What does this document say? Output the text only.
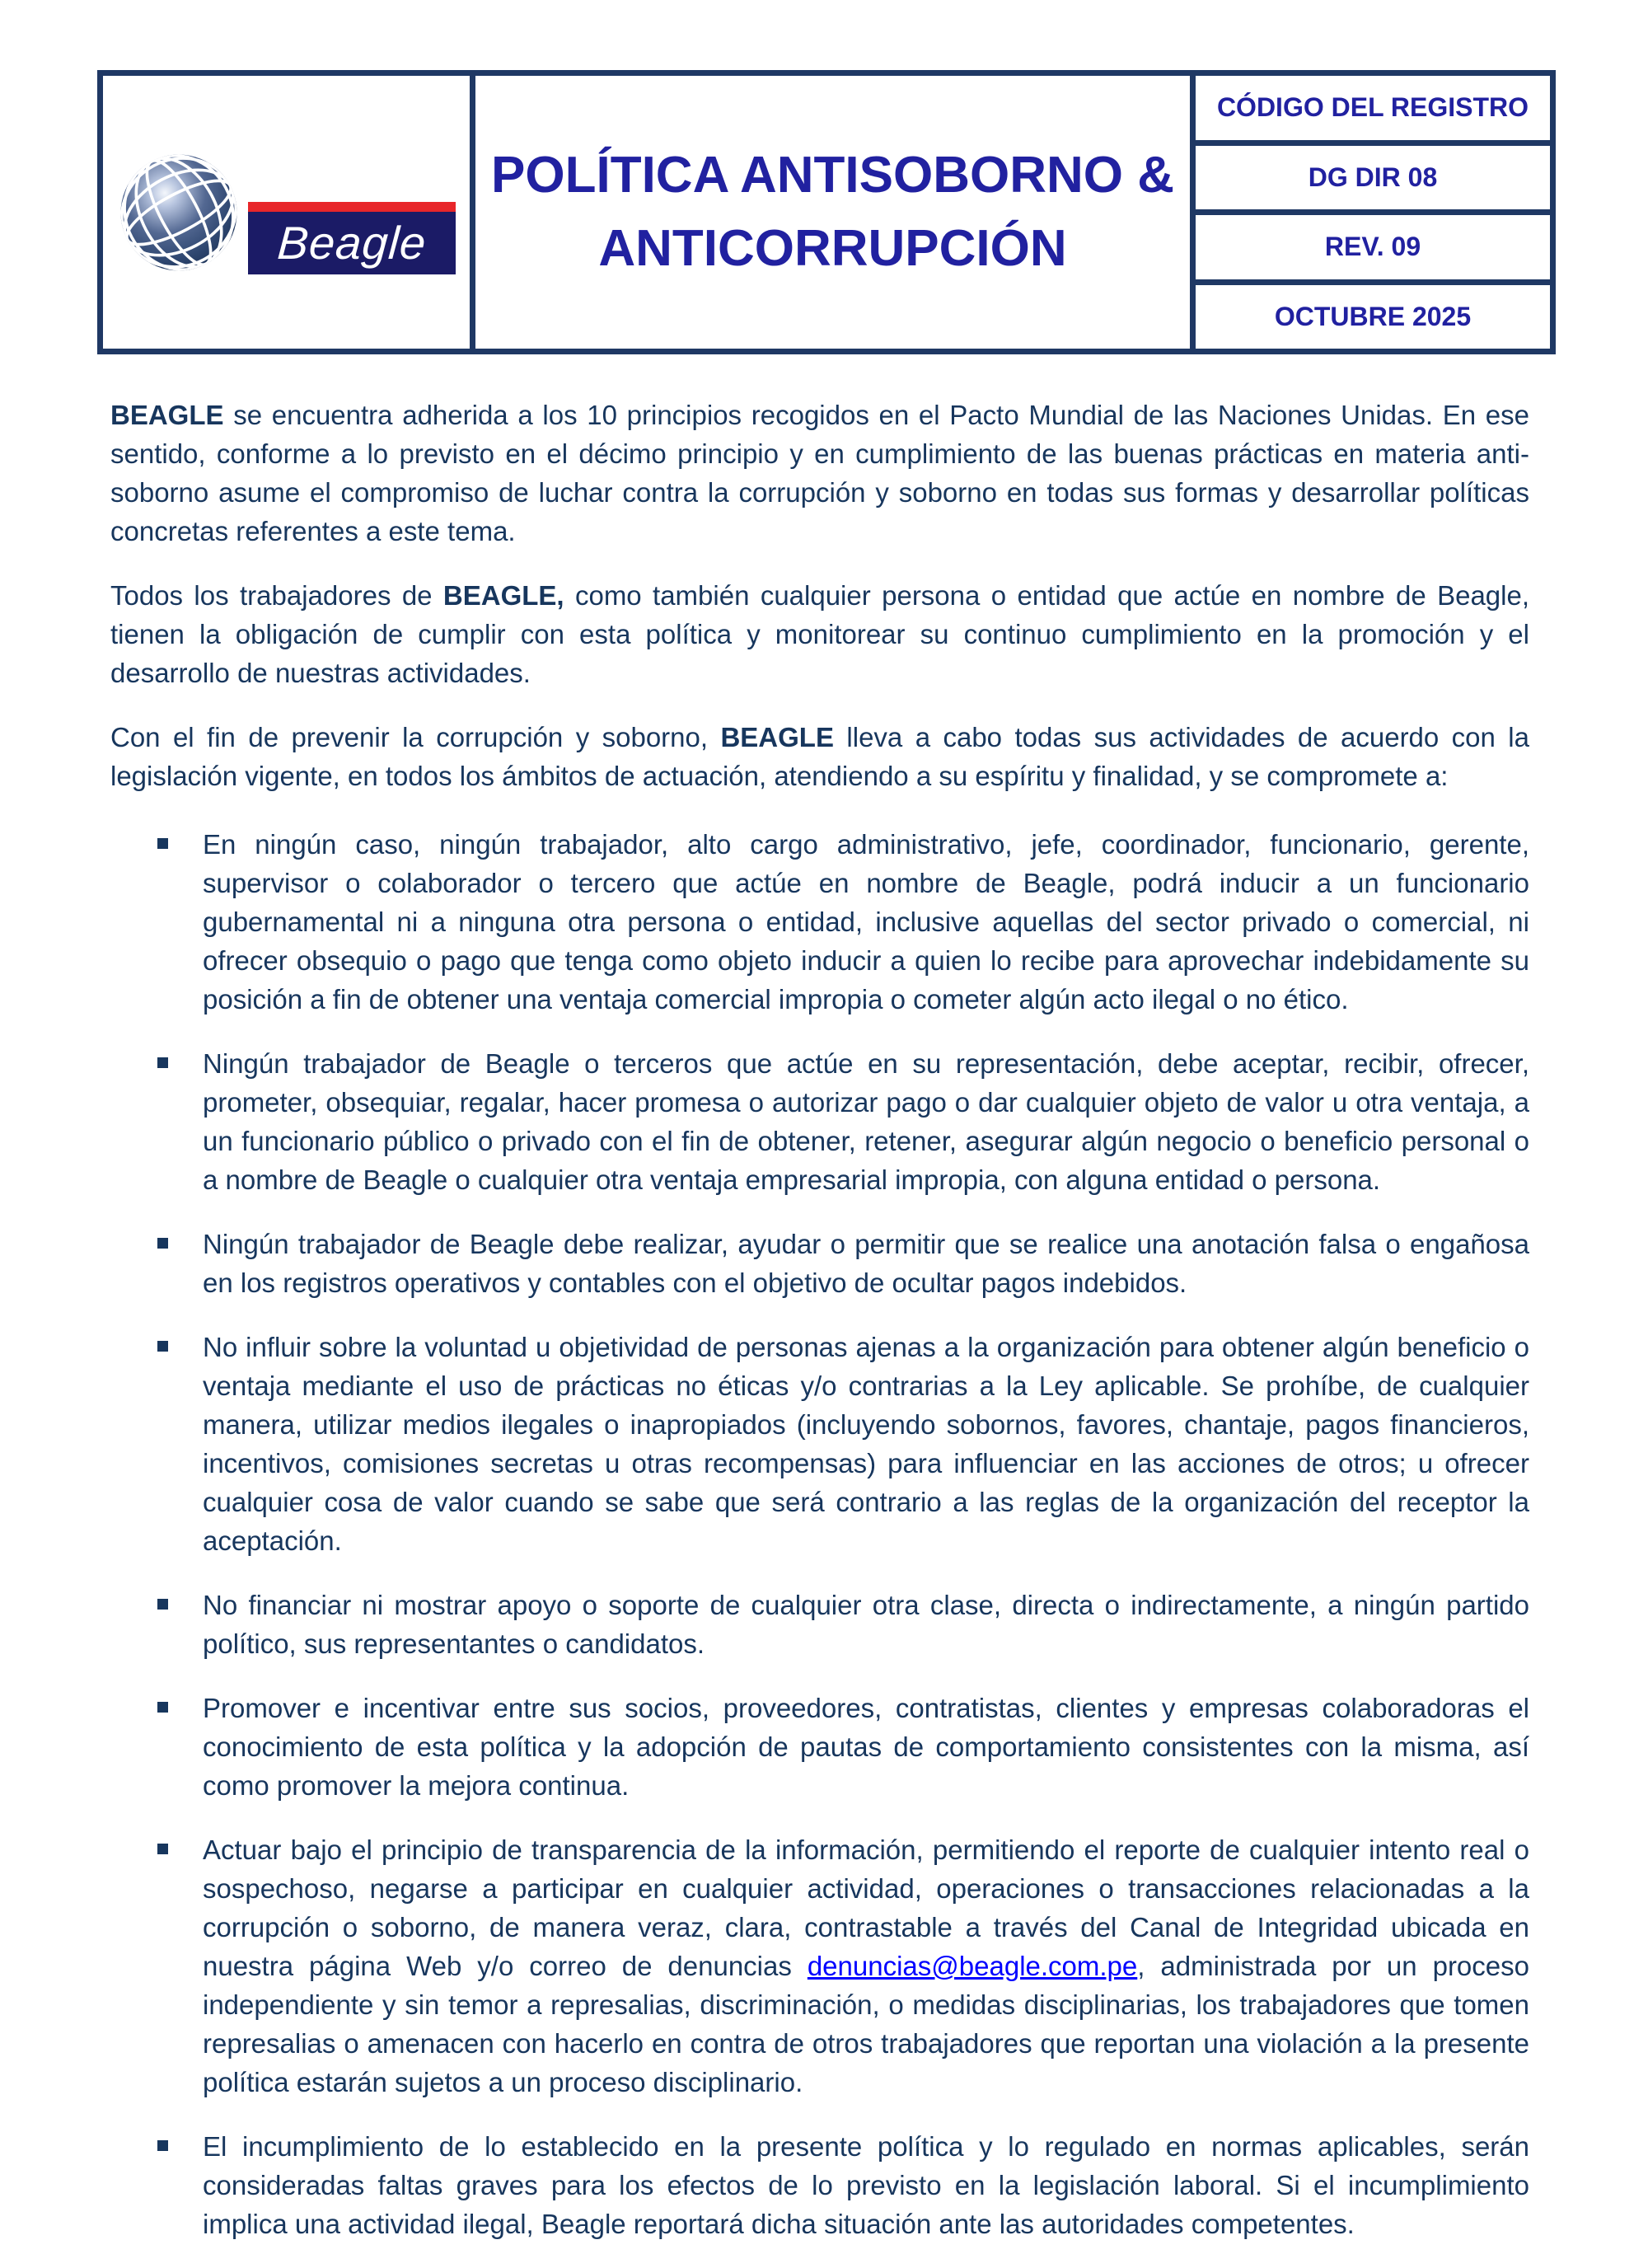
Beagle
POLÍTICA ANTISOBORNO &
ANTICORRUPCIÓN
CÓDIGO DEL REGISTRO
DG DIR 08
REV. 09
OCTUBRE 2025

BEAGLE se encuentra adherida a los 10 principios recogidos en el Pacto Mundial de las Naciones Unidas. En ese sentido, conforme a lo previsto en el décimo principio y en cumplimiento de las buenas prácticas en materia anti-soborno asume el compromiso de luchar contra la corrupción y soborno en todas sus formas y desarrollar políticas concretas referentes a este tema.

Todos los trabajadores de BEAGLE, como también cualquier persona o entidad que actúe en nombre de Beagle, tienen la obligación de cumplir con esta política y monitorear su continuo cumplimiento en la promoción y el desarrollo de nuestras actividades.

Con el fin de prevenir la corrupción y soborno, BEAGLE lleva a cabo todas sus actividades de acuerdo con la legislación vigente, en todos los ámbitos de actuación, atendiendo a su espíritu y finalidad, y se compromete a:

En ningún caso, ningún trabajador, alto cargo administrativo, jefe, coordinador, funcionario, gerente, supervisor o colaborador o tercero que actúe en nombre de Beagle, podrá inducir a un funcionario gubernamental ni a ninguna otra persona o entidad, inclusive aquellas del sector privado o comercial, ni ofrecer obsequio o pago que tenga como objeto inducir a quien lo recibe para aprovechar indebidamente su posición a fin de obtener una ventaja comercial impropia o cometer algún acto ilegal o no ético.
Ningún trabajador de Beagle o terceros que actúe en su representación, debe aceptar, recibir, ofrecer, prometer, obsequiar, regalar, hacer promesa o autorizar pago o dar cualquier objeto de valor u otra ventaja, a un funcionario público o privado con el fin de obtener, retener, asegurar algún negocio o beneficio personal o a nombre de Beagle o cualquier otra ventaja empresarial impropia, con alguna entidad o persona.
Ningún trabajador de Beagle debe realizar, ayudar o permitir que se realice una anotación falsa o engañosa en los registros operativos y contables con el objetivo de ocultar pagos indebidos.
No influir sobre la voluntad u objetividad de personas ajenas a la organización para obtener algún beneficio o ventaja mediante el uso de prácticas no éticas y/o contrarias a la Ley aplicable. Se prohíbe, de cualquier manera, utilizar medios ilegales o inapropiados (incluyendo sobornos, favores, chantaje, pagos financieros, incentivos, comisiones secretas u otras recompensas) para influenciar en las acciones de otros; u ofrecer cualquier cosa de valor cuando se sabe que será contrario a las reglas de la organización del receptor la aceptación.
No financiar ni mostrar apoyo o soporte de cualquier otra clase, directa o indirectamente, a ningún partido político, sus representantes o candidatos.
Promover e incentivar entre sus socios, proveedores, contratistas, clientes y empresas colaboradoras el conocimiento de esta política y la adopción de pautas de comportamiento consistentes con la misma, así como promover la mejora continua.
Actuar bajo el principio de transparencia de la información, permitiendo el reporte de cualquier intento real o sospechoso, negarse a participar en cualquier actividad, operaciones o transacciones relacionadas a la corrupción o soborno, de manera veraz, clara, contrastable a través del Canal de Integridad ubicada en nuestra página Web y/o correo de denuncias denuncias@beagle.com.pe, administrada por un proceso independiente y sin temor a represalias, discriminación, o medidas disciplinarias, los trabajadores que tomen represalias o amenacen con hacerlo en contra de otros trabajadores que reportan una violación a la presente política estarán sujetos a un proceso disciplinario.
El incumplimiento de lo establecido en la presente política y lo regulado en normas aplicables, serán consideradas faltas graves para los efectos de lo previsto en la legislación laboral. Si el incumplimiento implica una actividad ilegal, Beagle reportará dicha situación ante las autoridades competentes.
